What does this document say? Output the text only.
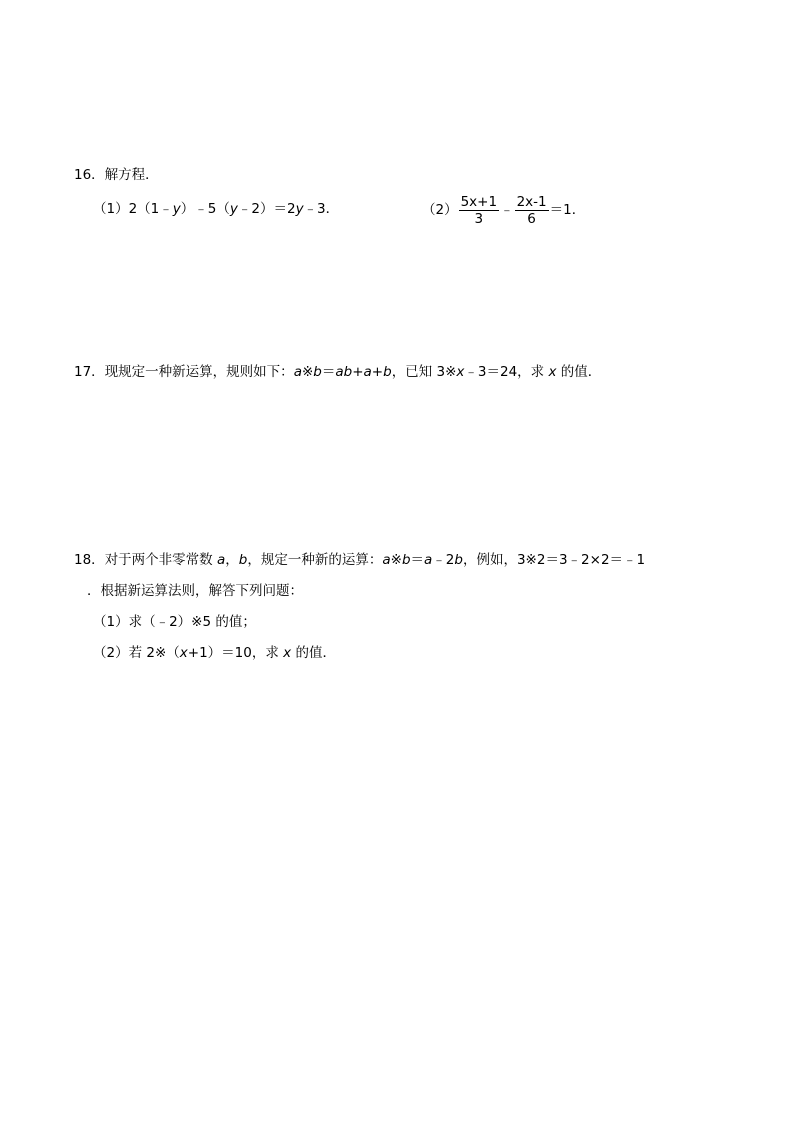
16．解方程．
（1）2（1﹣y）﹣5（y﹣2）＝2y﹣3．	$(2) \frac{5x+1}{3}$ ﹣ $\frac{2x-1}{6} =1$．
17．现规定一种新运算，规则如下：a※b＝ab+a+b，已知 3※x﹣3＝24，求 x 的值．
18．对于两个非零常数 a，b，规定一种新的运算：a※b＝a﹣2b，例如，3※2＝3﹣2×2＝﹣1
．根据新运算法则，解答下列问题：
（1）求（﹣2）※5 的值；
（2）若 2※（x+1）＝10，求 x 的值．
